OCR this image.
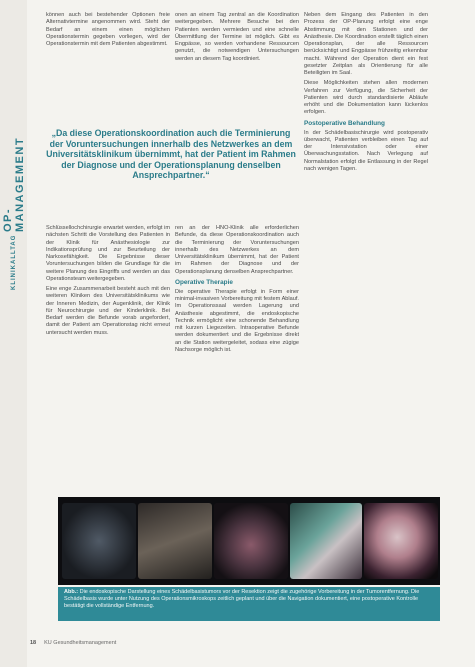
KLINIKALLTAG
OP-MANAGEMENT

können auch bei bestehender Optionen freie Alternativtermine angenommen wird. Steht der Bedarf an einem einen möglichen Operationstermin gegeben vorliegen, wird der Operationstermin mit dem Patienten abgestimmt.

onen an einem Tag zentral an die Koordination weitergegeben. Mehrere Besuche bei den Patienten werden vermieden und eine schnelle Übermittlung der Termine ist möglich. Gibt es Engpässe, so werden vorhandene Ressourcen genutzt, die notwendigen Untersuchungen werden an diesem Tag koordiniert.

„Da diese Operationskoordination auch die Terminierung der Voruntersuchungen innerhalb des Netzwerkes an dem Universitätsklinikum übernimmt, hat der Patient im Rahmen der Diagnose und der Operationsplanung denselben Ansprechpartner.“

Schlüssellochchirurgie erwartet werden, erfolgt im nächsten Schritt die Vorstellung des Patienten in der Klinik für Anästhesiologie zur Indikationsprüfung und zur Beurteilung der Narkosefähigkeit. Die Ergebnisse dieser Voruntersuchungen bilden die Grundlage für die weitere Planung des Eingriffs und werden an das Operationsteam weitergegeben.

Eine enge Zusammenarbeit besteht auch mit den weiteren Kliniken des Universitätsklinikums wie der Inneren Medizin, der Augenklinik, der Klinik für Neurochirurgie und der Kinderklinik. Bei Bedarf werden die Befunde vorab angefordert, damit der Patient am Operationstag nicht erneut untersucht werden muss.

ren an der HNO-Klinik alle erforderlichen Befunde, da diese Operationskoordination auch die Terminierung der Voruntersuchungen innerhalb des Netzwerkes an dem Universitätsklinikum übernimmt, hat der Patient im Rahmen der Diagnose und der Operationsplanung denselben Ansprechpartner.

Operative Therapie

Die operative Therapie erfolgt in Form einer minimal-invasiven Vorbereitung mit festem Ablauf. Im Operationssaal werden Lagerung und Anästhesie abgestimmt, die endoskopische Technik ermöglicht eine schonende Behandlung mit kurzen Liegezeiten. Intraoperative Befunde werden dokumentiert und die Ergebnisse direkt an die Station weitergeleitet, sodass eine zügige Nachsorge möglich ist.

Neben dem Eingang des Patienten in den Prozess der OP-Planung erfolgt eine enge Abstimmung mit den Stationen und der Anästhesie. Die Koordination erstellt täglich einen Operationsplan, der alle Ressourcen berücksichtigt und Engpässe frühzeitig erkennbar macht. Während der Operation dient ein fest gesetzter Zeitplan als Orientierung für alle Beteiligten im Saal.

Diese Möglichkeiten stehen allen modernen Verfahren zur Verfügung, die Sicherheit der Patienten wird durch standardisierte Abläufe erhöht und die Dokumentation kann lückenlos erfolgen.

Postoperative Behandlung

In der Schädelbasischirurgie wird postoperativ überwacht, Patienten verbleiben einen Tag auf der Intensivstation oder einer Überwachungsstation. Nach Verlegung auf Normalstation erfolgt die Entlassung in der Regel nach wenigen Tagen.

Abb.: Die endoskopische Darstellung eines Schädelbasistumors vor der Resektion zeigt die zugehörige Vorbereitung in der Tumorentfernung. Die Schädelbasis wurde unter Nutzung des Operationsmikroskops zeitlich geplant und über die Navigation dokumentiert, eine postoperative Kontrolle bestätigt die vollständige Entfernung.
18 KU Gesundheitsmanagement
